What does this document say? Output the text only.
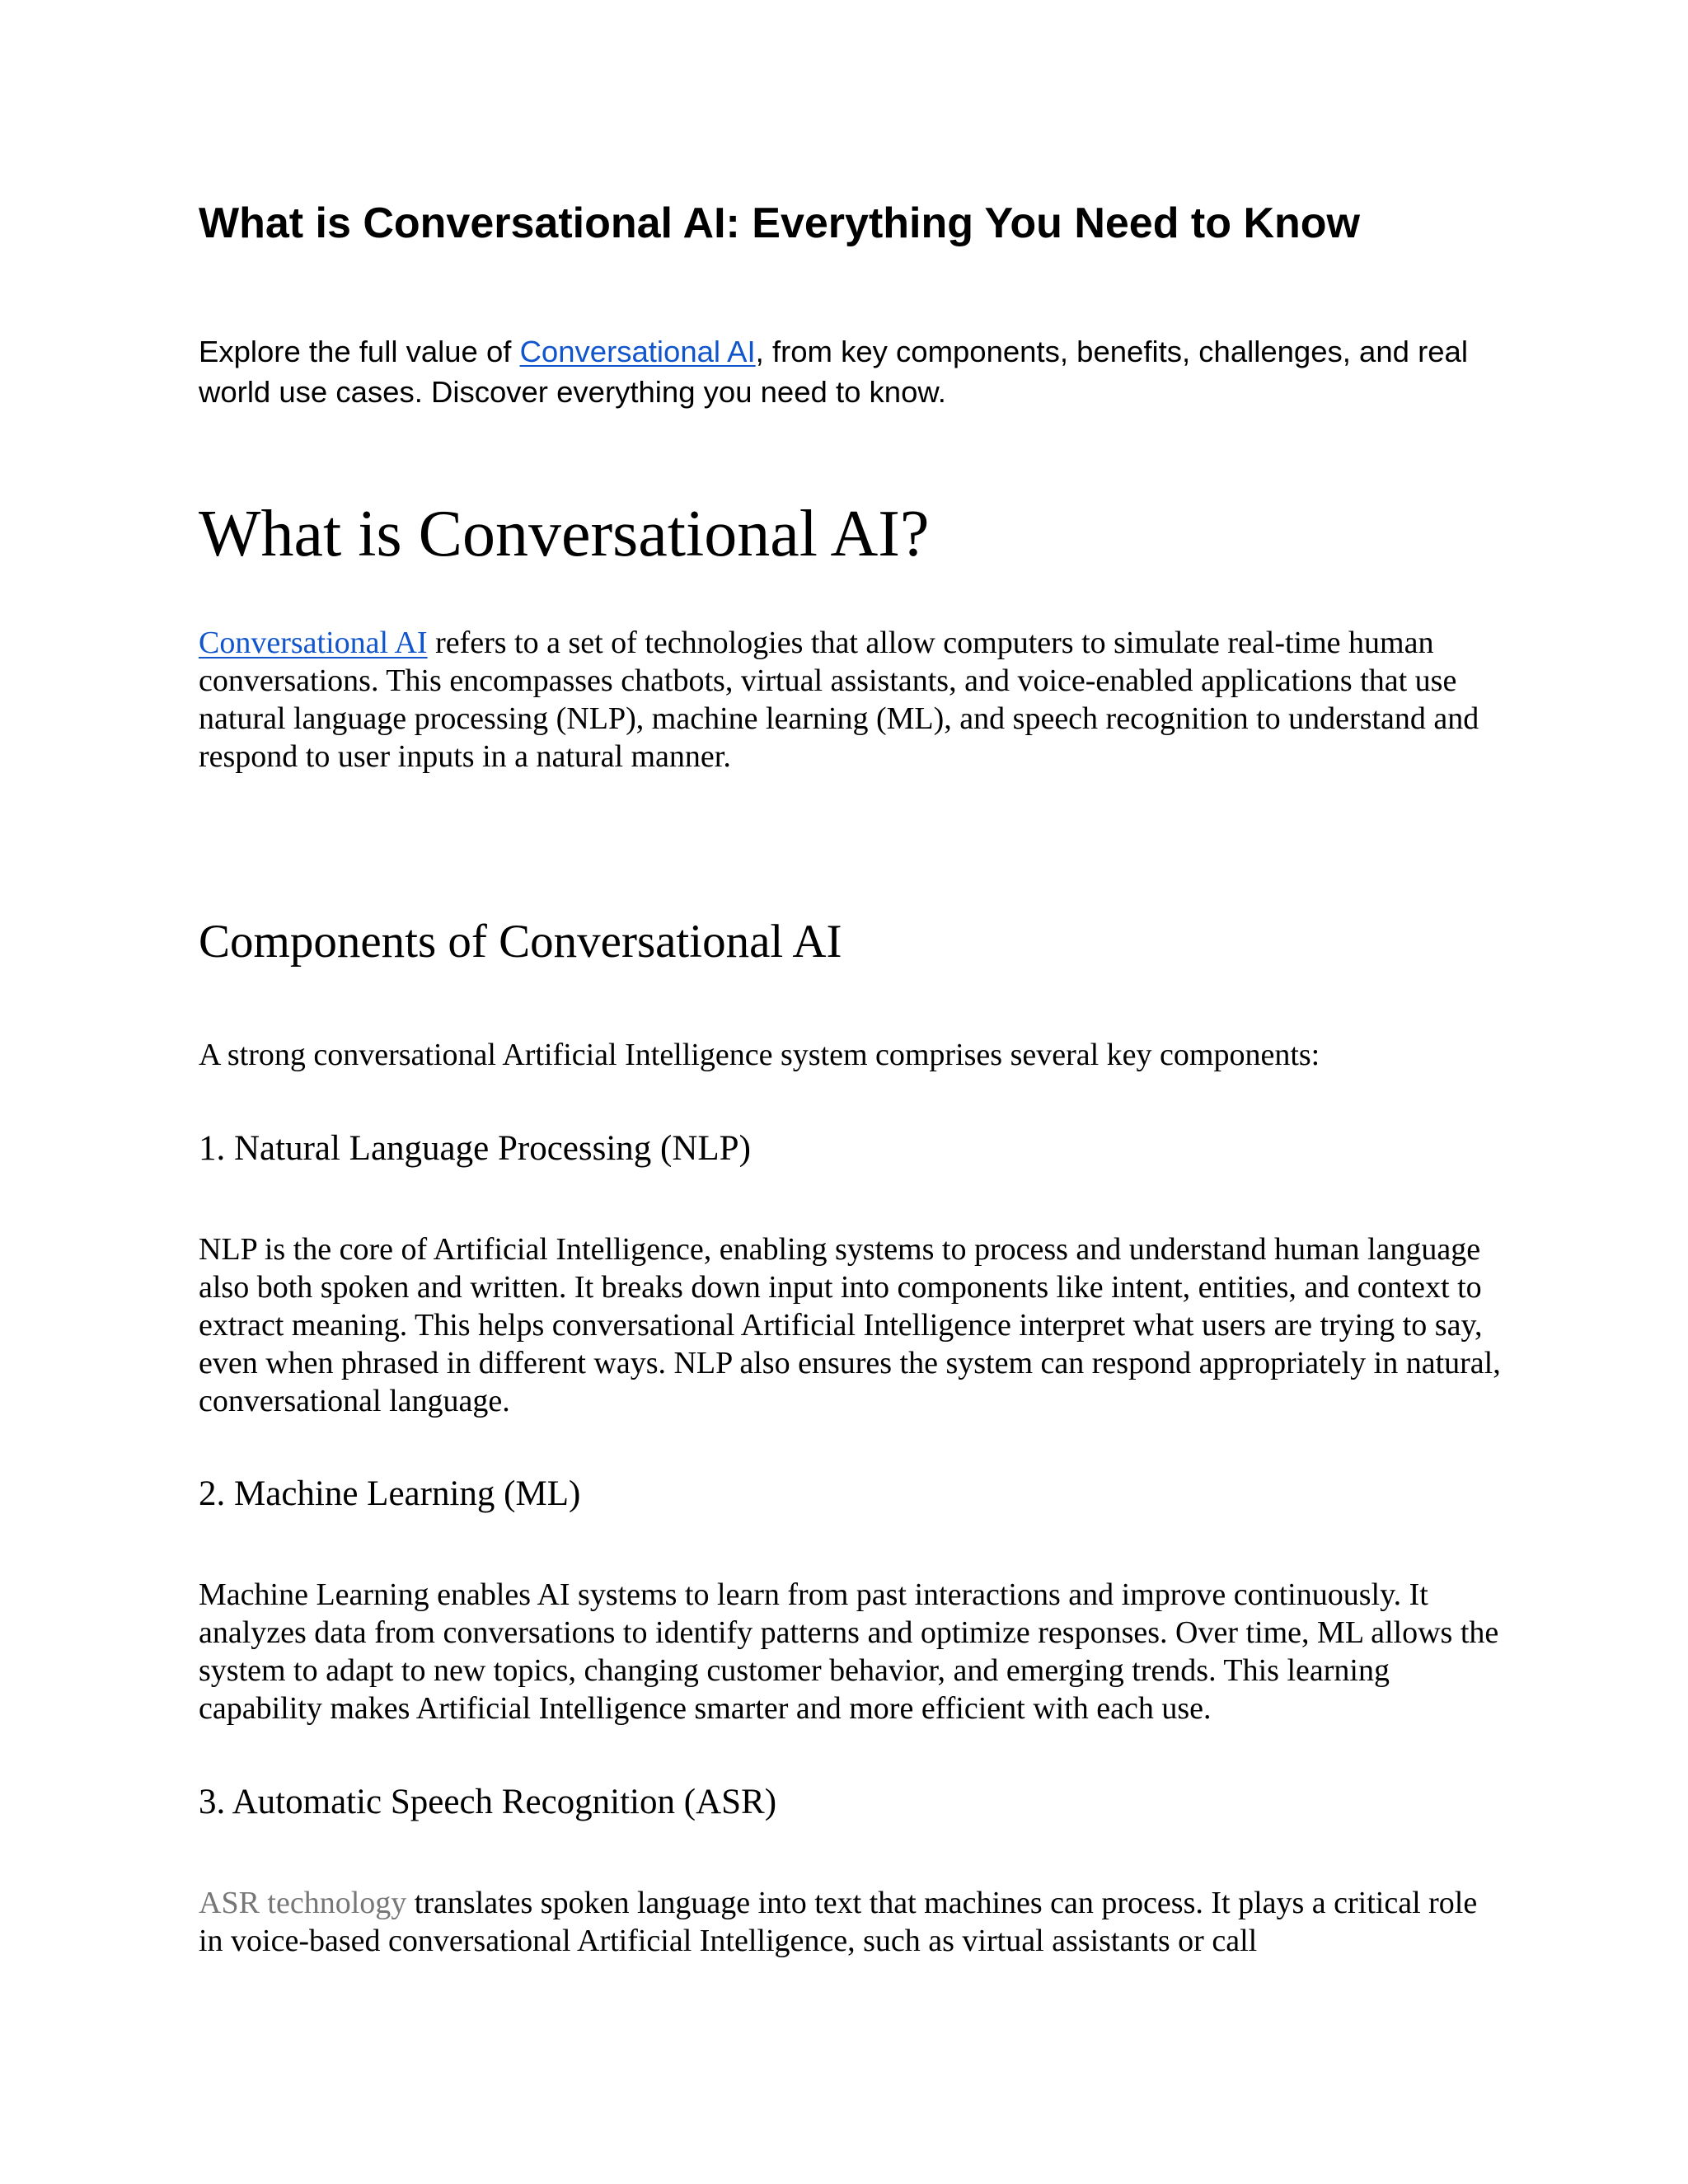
What is Conversational AI: Everything You Need to Know

Explore the full value of Conversational AI, from key components, benefits, challenges, and real world use cases. Discover everything you need to know.

What is Conversational AI?

Conversational AI refers to a set of technologies that allow computers to simulate real-time human conversations. This encompasses chatbots, virtual assistants, and voice-enabled applications that use natural language processing (NLP), machine learning (ML), and speech recognition to understand and respond to user inputs in a natural manner.

Components of Conversational AI

A strong conversational Artificial Intelligence system comprises several key components:

1. Natural Language Processing (NLP)

NLP is the core of Artificial Intelligence, enabling systems to process and understand human language also both spoken and written. It breaks down input into components like intent, entities, and context to extract meaning. This helps conversational Artificial Intelligence interpret what users are trying to say, even when phrased in different ways. NLP also ensures the system can respond appropriately in natural, conversational language.

2. Machine Learning (ML)

Machine Learning enables AI systems to learn from past interactions and improve continuously. It analyzes data from conversations to identify patterns and optimize responses. Over time, ML allows the system to adapt to new topics, changing customer behavior, and emerging trends. This learning capability makes Artificial Intelligence smarter and more efficient with each use.

3. Automatic Speech Recognition (ASR)

ASR technology translates spoken language into text that machines can process. It plays a critical role in voice-based conversational Artificial Intelligence, such as virtual assistants or call
